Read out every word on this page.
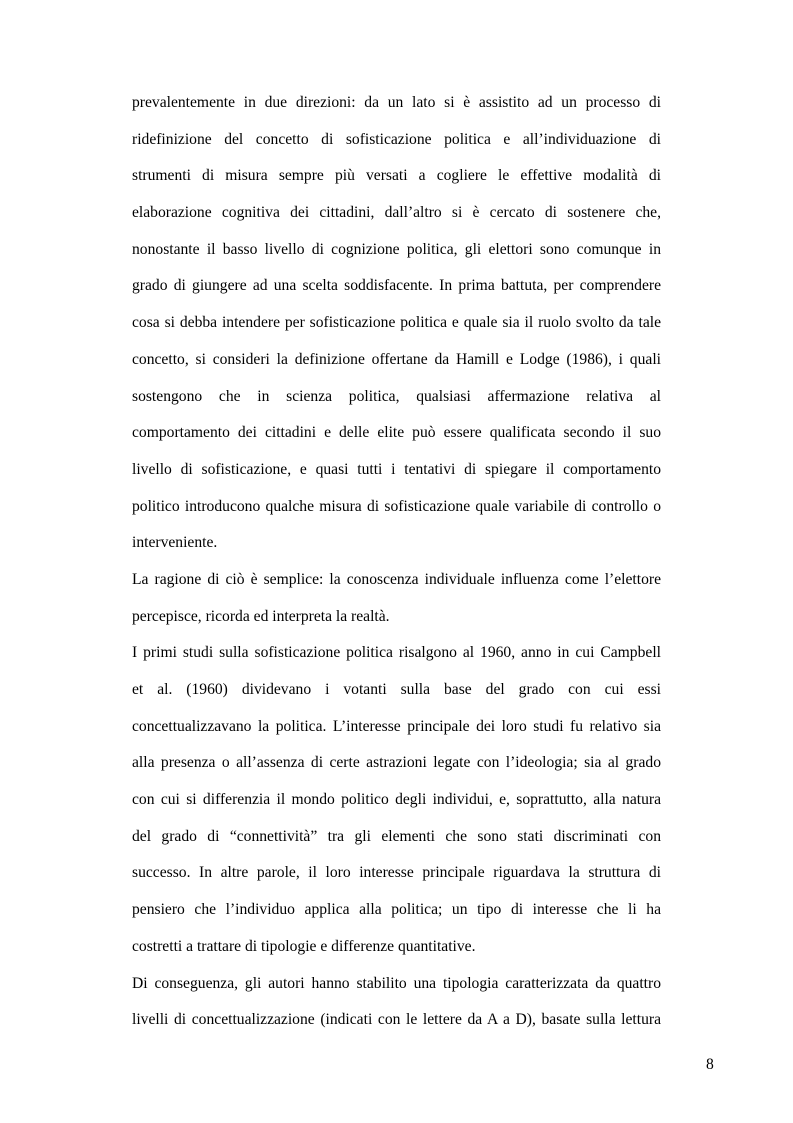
prevalentemente in due direzioni: da un lato si è assistito ad un processo di
ridefinizione del concetto di sofisticazione politica e all’individuazione di
strumenti di misura sempre più versati a cogliere le effettive modalità di
elaborazione cognitiva dei cittadini, dall’altro si è cercato di sostenere che,
nonostante il basso livello di cognizione politica, gli elettori sono comunque in
grado di giungere ad una scelta soddisfacente. In prima battuta, per comprendere
cosa si debba intendere per sofisticazione politica e quale sia il ruolo svolto da tale
concetto, si consideri la definizione offertane da Hamill e Lodge (1986), i quali
sostengono che in scienza politica, qualsiasi affermazione relativa al
comportamento dei cittadini e delle elite può essere qualificata secondo il suo
livello di sofisticazione, e quasi tutti i tentativi di spiegare il comportamento
politico introducono qualche misura di sofisticazione quale variabile di controllo o
interveniente.
La ragione di ciò è semplice: la conoscenza individuale influenza come l’elettore
percepisce, ricorda ed interpreta la realtà.
I primi studi sulla sofisticazione politica risalgono al 1960, anno in cui Campbell
et al. (1960) dividevano i votanti sulla base del grado con cui essi
concettualizzavano la politica. L’interesse principale dei loro studi fu relativo sia
alla presenza o all’assenza di certe astrazioni legate con l’ideologia; sia al grado
con cui si differenzia il mondo politico degli individui, e, soprattutto, alla natura
del grado di “connettività” tra gli elementi che sono stati discriminati con
successo. In altre parole, il loro interesse principale riguardava la struttura di
pensiero che l’individuo applica alla politica; un tipo di interesse che li ha
costretti a trattare di tipologie e differenze quantitative.
Di conseguenza, gli autori hanno stabilito una tipologia caratterizzata da quattro
livelli di concettualizzazione (indicati con le lettere da A a D), basate sulla lettura
8
